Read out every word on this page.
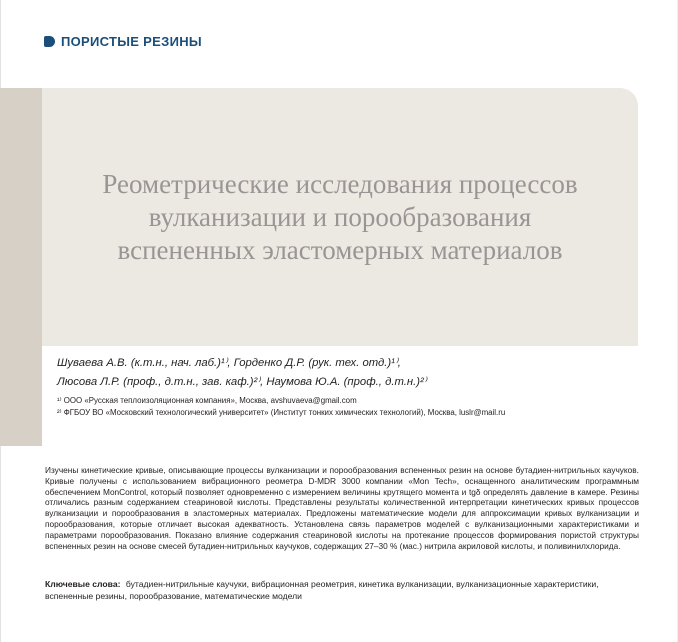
ПОРИСТЫЕ РЕЗИНЫ
Реометрические исследования процессов
вулканизации и порообразования
вспененных эластомерных материалов
Шуваева А.В. (к.т.н., нач. лаб.)¹⁾, Горденко Д.Р. (рук. тех. отд.)¹⁾,
Люсова Л.Р. (проф., д.т.н., зав. каф.)²⁾, Наумова Ю.А. (проф., д.т.н.)²⁾
¹⁾ ООО «Русская теплоизоляционная компания», Москва, avshuvaeva@gmail.com
²⁾ ФГБОУ ВО «Московский технологический университет» (Институт тонких химических технологий), Москва, luslr@mail.ru
Изучены кинетические кривые, описывающие процессы вулканизации и порообразования вспененных резин на основе бутадиен-нитрильных каучуков. Кривые получены с использованием вибрационного реометра D-MDR 3000 компании «Mon Tech», оснащенного аналитическим программным обеспечением MonControl, который позволяет одновременно с измерением величины крутящего момента и tgδ определять давление в камере. Резины отличались разным содержанием стеариновой кислоты. Представлены результаты количественной интерпретации кинетических кривых процессов вулканизации и порообразования в эластомерных материалах. Предложены математические модели для аппроксимации кривых вулканизации и порообразования, которые отличает высокая адекватность. Установлена связь параметров моделей с вулканизационными характеристиками и параметрами порообразования. Показано влияние содержания стеариновой кислоты на протекание процессов формирования пористой структуры вспененных резин на основе смесей бутадиен-нитрильных каучуков, содержащих 27–30 % (мас.) нитрила акриловой кислоты, и поливинилхлорида.
Ключевые слова: бутадиен-нитрильные каучуки, вибрационная реометрия, кинетика вулканизации, вулканизационные характеристики, вспененные резины, порообразование, математические модели
